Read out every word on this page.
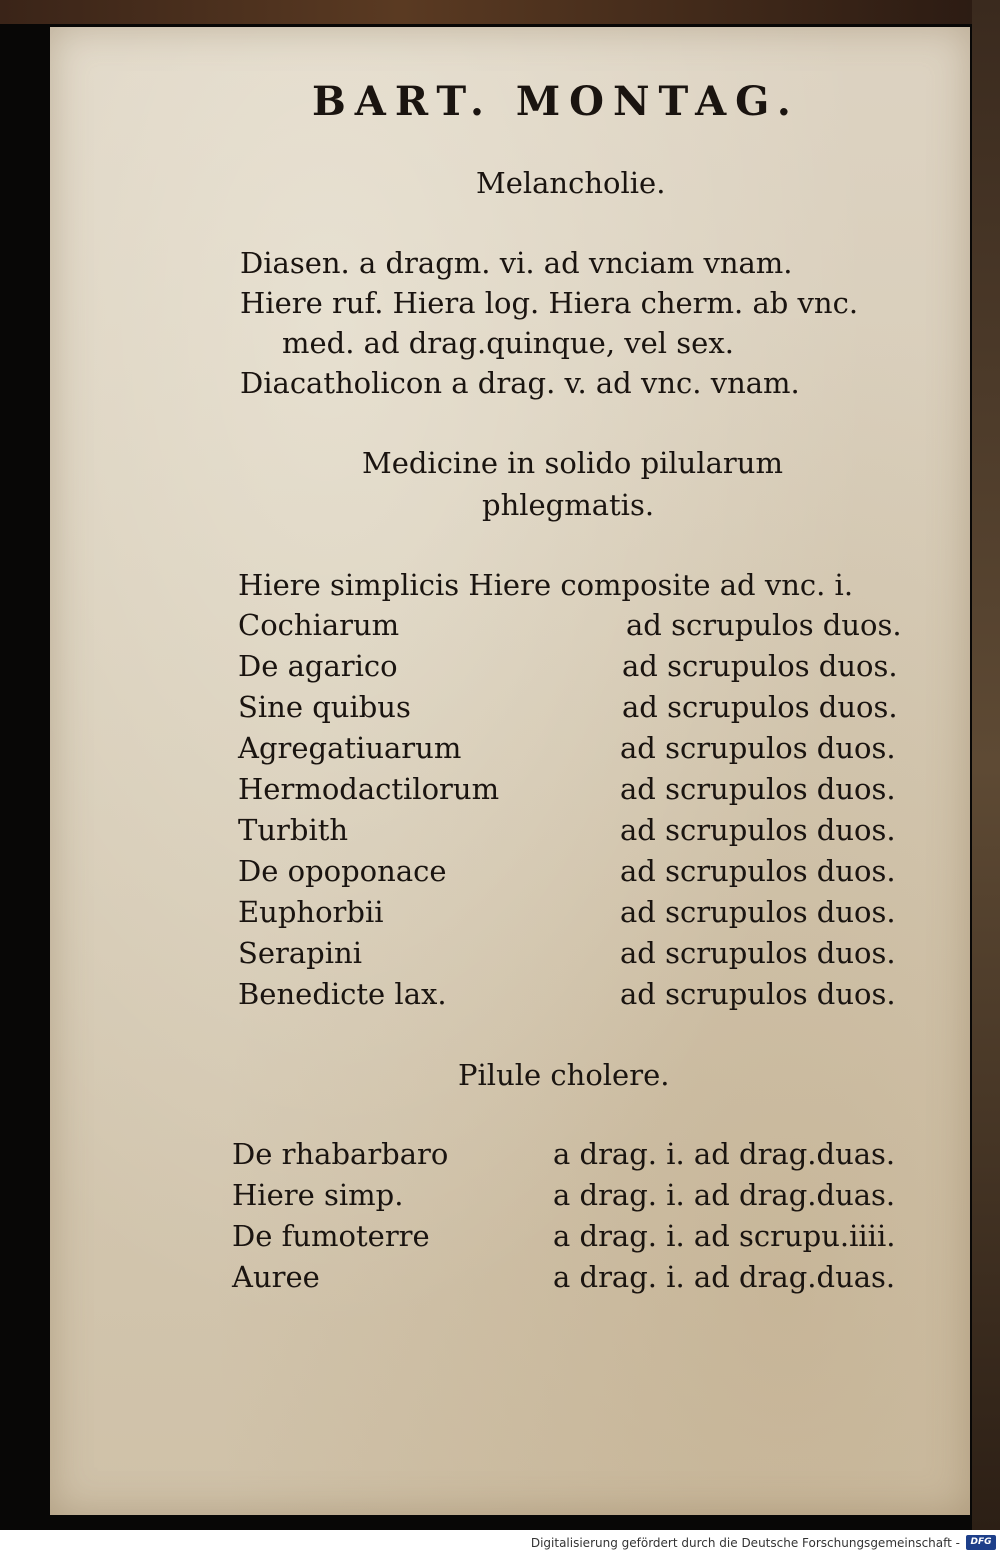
BART. MONTAG.
Melancholie.
Diasen. a dragm. vi. ad vnciam vnam.
Hiere ruf. Hiera log. Hiera cherm. ab vnc.
med. ad drag.quinque, vel sex.
Diacatholicon a drag. v. ad vnc. vnam.
Medicine in solido pilularum
phlegmatis.
Hiere simplicis Hiere composite ad vnc. i.
Cochiarum	ad scrupulos duos.
De agarico	ad scrupulos duos.
Sine quibus	ad scrupulos duos.
Agregatiuarum	ad scrupulos duos.
Hermodactilorum	ad scrupulos duos.
Turbith	ad scrupulos duos.
De opoponace	ad scrupulos duos.
Euphorbii	ad scrupulos duos.
Serapini	ad scrupulos duos.
Benedicte lax.	ad scrupulos duos.
Pilule cholere.
De rhabarbaro	a drag. i. ad drag.duas.
Hiere simp.	a drag. i. ad drag.duas.
De fumoterre	a drag. i. ad scrupu.iiii.
Auree	a drag. i. ad drag.duas.
Digitalisierung gefördert durch die Deutsche Forschungsgemeinschaft -	DFG
